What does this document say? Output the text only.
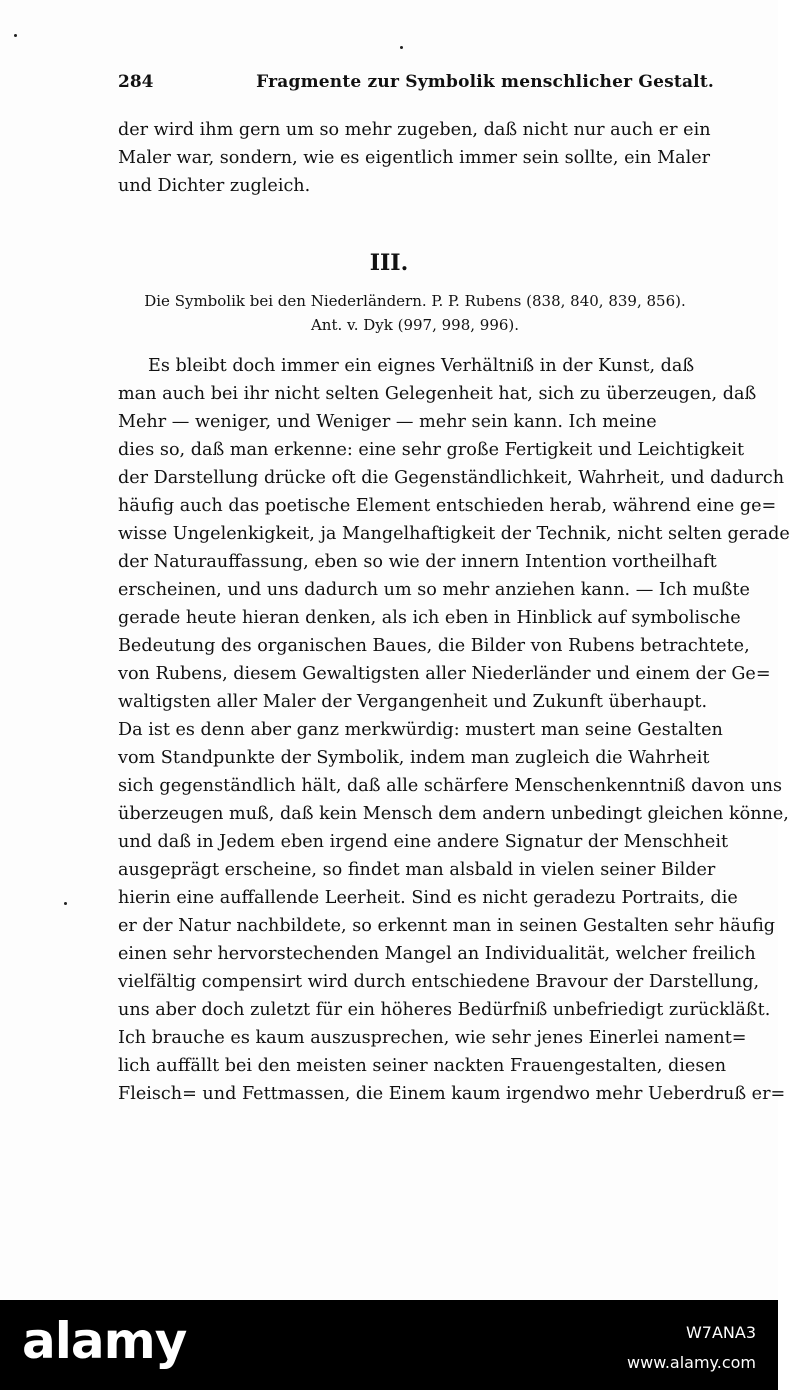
284	Fragmente zur Symbolik menschlicher Gestalt.
der wird ihm gern um so mehr zugeben, daß nicht nur auch er ein
Maler war, sondern, wie es eigentlich immer sein sollte, ein Maler
und Dichter zugleich.
III.
Die Symbolik bei den Niederländern. P. P. Rubens (838, 840, 839, 856).
Ant. v. Dyk (997, 998, 996).
Es bleibt doch immer ein eignes Verhältniß in der Kunst, daß
man auch bei ihr nicht selten Gelegenheit hat, sich zu überzeugen, daß
Mehr — weniger, und Weniger — mehr sein kann. Ich meine
dies so, daß man erkenne: eine sehr große Fertigkeit und Leichtigkeit
der Darstellung drücke oft die Gegenständlichkeit, Wahrheit, und dadurch
häufig auch das poetische Element entschieden herab, während eine ge=
wisse Ungelenkigkeit, ja Mangelhaftigkeit der Technik, nicht selten gerade
der Naturauffassung, eben so wie der innern Intention vortheilhaft
erscheinen, und uns dadurch um so mehr anziehen kann. — Ich mußte
gerade heute hieran denken, als ich eben in Hinblick auf symbolische
Bedeutung des organischen Baues, die Bilder von Rubens betrachtete,
von Rubens, diesem Gewaltigsten aller Niederländer und einem der Ge=
waltigsten aller Maler der Vergangenheit und Zukunft überhaupt.
Da ist es denn aber ganz merkwürdig: mustert man seine Gestalten
vom Standpunkte der Symbolik, indem man zugleich die Wahrheit
sich gegenständlich hält, daß alle schärfere Menschenkenntniß davon uns
überzeugen muß, daß kein Mensch dem andern unbedingt gleichen könne,
und daß in Jedem eben irgend eine andere Signatur der Menschheit
ausgeprägt erscheine, so findet man alsbald in vielen seiner Bilder
hierin eine auffallende Leerheit. Sind es nicht geradezu Portraits, die
er der Natur nachbildete, so erkennt man in seinen Gestalten sehr häufig
einen sehr hervorstechenden Mangel an Individualität, welcher freilich
vielfältig compensirt wird durch entschiedene Bravour der Darstellung,
uns aber doch zuletzt für ein höheres Bedürfniß unbefriedigt zurückläßt.
Ich brauche es kaum auszusprechen, wie sehr jenes Einerlei nament=
lich auffällt bei den meisten seiner nackten Frauengestalten, diesen
Fleisch= und Fettmassen, die Einem kaum irgendwo mehr Ueberdruß er=
alamy	W7ANA3
www.alamy.com
